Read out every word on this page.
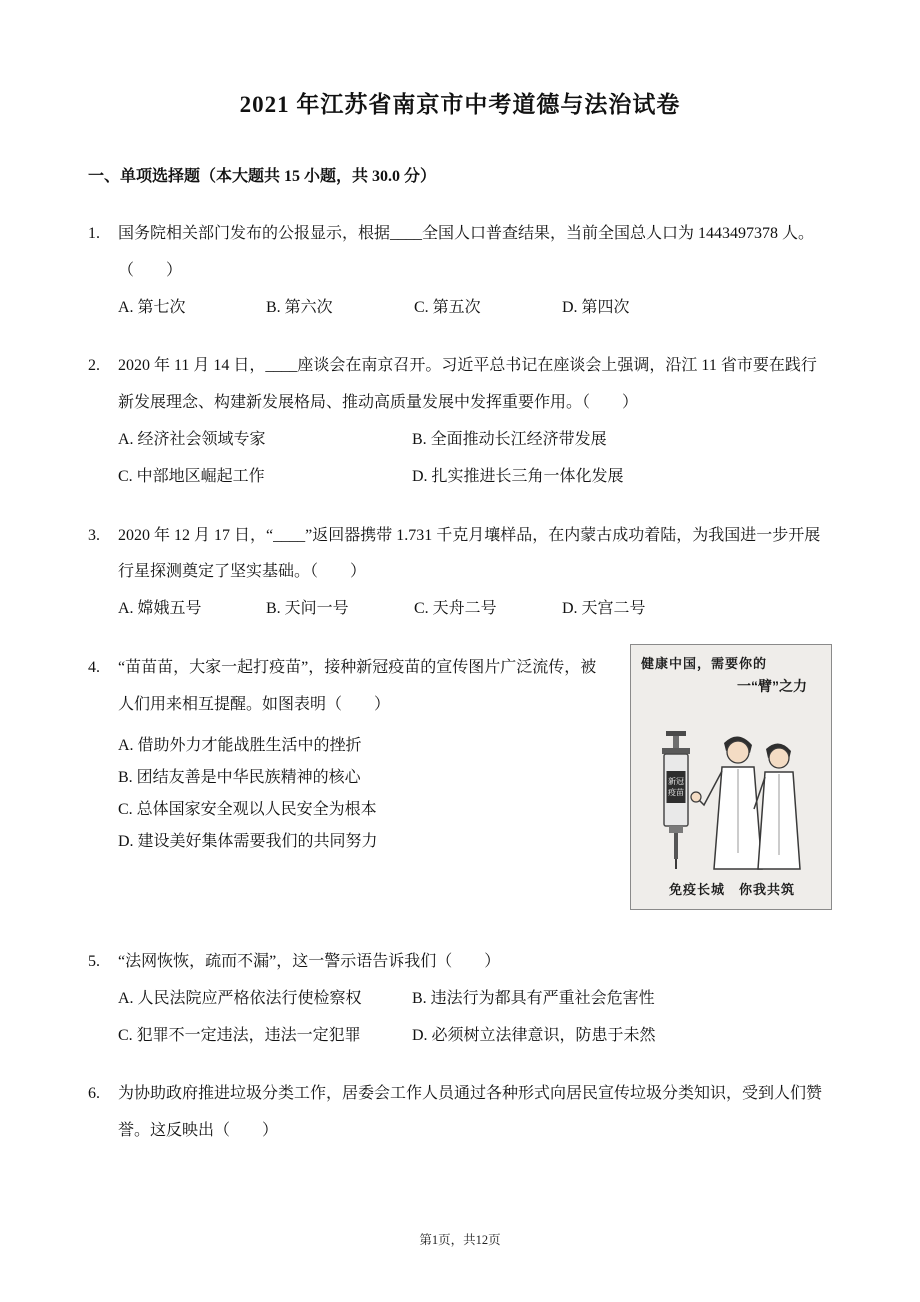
2021 年江苏省南京市中考道德与法治试卷
一、单项选择题（本大题共 15 小题，共 30.0 分）
1.	国务院相关部门发布的公报显示，根据____全国人口普查结果，当前全国总人口为 1443497378 人。（　　）

A. 第七次	B. 第六次	C. 第五次	D. 第四次
2.	2020 年 11 月 14 日，____座谈会在南京召开。习近平总书记在座谈会上强调，沿江 11 省市要在践行新发展理念、构建新发展格局、推动高质量发展中发挥重要作用。（　　）

A. 经济社会领域专家	B. 全面推动长江经济带发展
C. 中部地区崛起工作	D. 扎实推进长三角一体化发展
3.	2020 年 12 月 17 日，“____”返回器携带 1.731 千克月壤样品，在内蒙古成功着陆，为我国进一步开展行星探测奠定了坚实基础。（　　）

A. 嫦娥五号	B. 天问一号	C. 天舟二号	D. 天宫二号
4.	“苗苗苗，大家一起打疫苗”，接种新冠疫苗的宣传图片广泛流传，被人们用来相互提醒。如图表明（　　）

A. 借助外力才能战胜生活中的挫折
B. 团结友善是中华民族精神的核心
C. 总体国家安全观以人民安全为根本
D. 建设美好集体需要我们的共同努力
健康中国，需要你的
一“臂”之力
新冠
疫苗
免疫长城　你我共筑
5.	“法网恢恢，疏而不漏”，这一警示语告诉我们（　　）

A. 人民法院应严格依法行使检察权	B. 违法行为都具有严重社会危害性
C. 犯罪不一定违法，违法一定犯罪	D. 必须树立法律意识，防患于未然
6.	为协助政府推进垃圾分类工作，居委会工作人员通过各种形式向居民宣传垃圾分类知识，受到人们赞誉。这反映出（　　）

第1页，共12页
